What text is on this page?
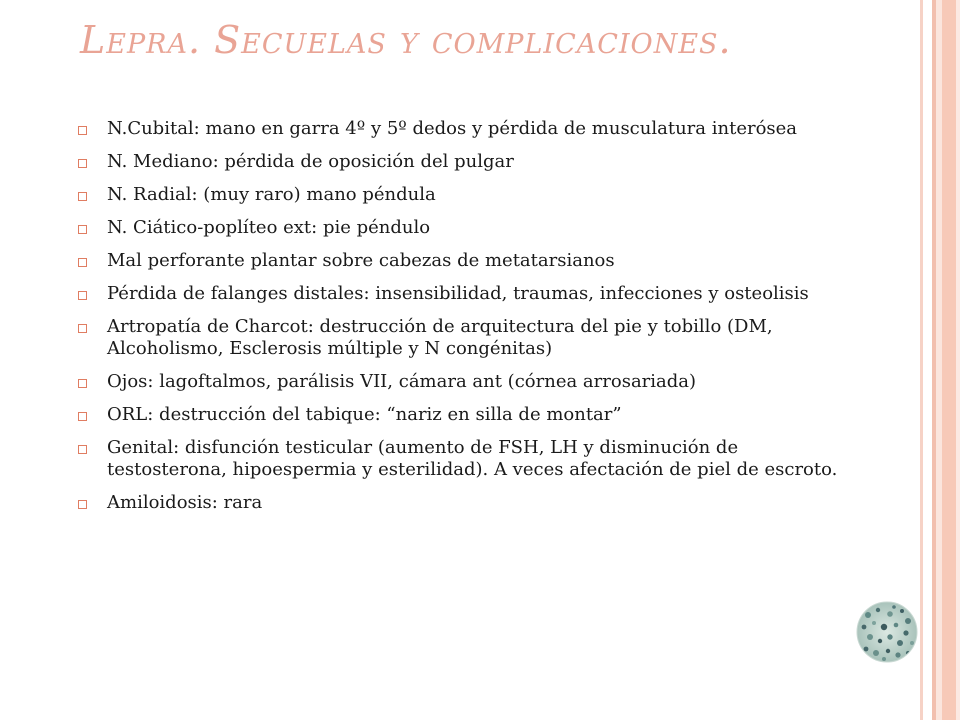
Lepra. Secuelas y complicaciones.
N.Cubital: mano en garra 4º y 5º dedos y pérdida de musculatura interósea
N. Mediano: pérdida de oposición del pulgar
N. Radial: (muy raro) mano péndula
N. Ciático-poplíteo ext: pie péndulo
Mal perforante plantar sobre cabezas de metatarsianos
Pérdida de falanges distales: insensibilidad, traumas, infecciones y osteolisis
Artropatía de Charcot: destrucción de arquitectura del pie y tobillo (DM, Alcoholismo, Esclerosis múltiple y N congénitas)
Ojos: lagoftalmos, parálisis VII, cámara ant (córnea arrosariada)
ORL: destrucción del tabique: “nariz en silla de montar”
Genital: disfunción testicular (aumento de FSH, LH y disminución de testosterona, hipoespermia y esterilidad). A veces afectación de piel de escroto.
Amiloidosis: rara
